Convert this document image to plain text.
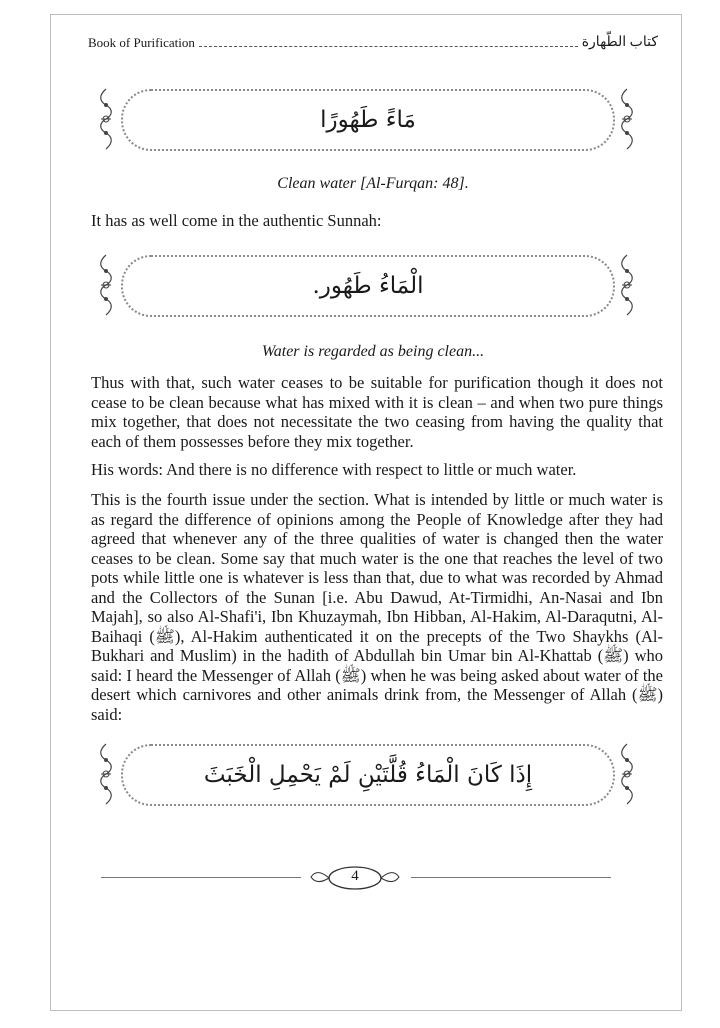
Book of Purification	كتاب الطّهارة
مَاءً طَهُورًا
Clean water [Al-Furqan: 48].

It has as well come in the authentic Sunnah:

الْمَاءُ طَهُور.
Water is regarded as being clean...

Thus with that, such water ceases to be suitable for purification though it does not cease to be clean because what has mixed with it is clean – and when two pure things mix together, that does not necessitate the two ceasing from having the quality that each of them possesses before they mix together.

His words: And there is no difference with respect to little or much water.

This is the fourth issue under the section. What is intended by little or much water is as regard the difference of opinions among the People of Knowledge after they had agreed that whenever any of the three qualities of water is changed then the water ceases to be clean. Some say that much water is the one that reaches the level of two pots while little one is whatever is less than that, due to what was recorded by Ahmad and the Collectors of the Sunan [i.e. Abu Dawud, At-Tirmidhi, An-Nasai and Ibn Majah], so also Al-Shafi'i, Ibn Khuzaymah, Ibn Hibban, Al-Hakim, Al-Daraqutni, Al-Baihaqi (ﷺ), Al-Hakim authenticated it on the precepts of the Two Shaykhs (Al-Bukhari and Muslim) in the hadith of Abdullah bin Umar bin Al-Khattab (ﷺ) who said: I heard the Messenger of Allah (ﷺ) when he was being asked about water of the desert which carnivores and other animals drink from, the Messenger of Allah (ﷺ) said:

إِذَا كَانَ الْمَاءُ قُلَّتَيْنِ لَمْ يَحْمِلِ الْخَبَثَ
4
